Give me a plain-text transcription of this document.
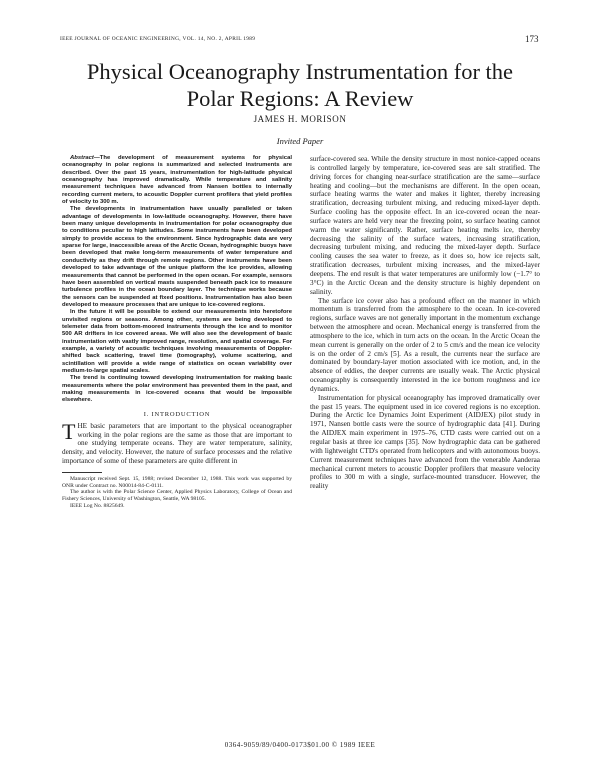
IEEE JOURNAL OF OCEANIC ENGINEERING, VOL. 14, NO. 2, APRIL 1989	173
Physical Oceanography Instrumentation for the
Polar Regions: A Review
JAMES H. MORISON
Invited Paper

Abstract—The development of measurement systems for physical oceanography in polar regions is summarized and selected instruments are described. Over the past 15 years, instrumentation for high-latitude physical oceanography has improved dramatically. While temperature and salinity measurement techniques have advanced from Nansen bottles to internally recording current meters, to acoustic Doppler current profilers that yield profiles of velocity to 300 m.

The developments in instrumentation have usually paralleled or taken advantage of developments in low-latitude oceanography. However, there have been many unique developments in instrumentation for polar oceanography due to conditions peculiar to high latitudes. Some instruments have been developed simply to provide access to the environment. Since hydrographic data are very sparse for large, inaccessible areas of the Arctic Ocean, hydrographic buoys have been developed that make long-term measurements of water temperature and conductivity as they drift through remote regions. Other instruments have been developed to take advantage of the unique platform the ice provides, allowing measurements that cannot be performed in the open ocean. For example, sensors have been assembled on vertical masts suspended beneath pack ice to measure turbulence profiles in the ocean boundary layer. The technique works because the sensors can be suspended at fixed positions. Instrumentation has also been developed to measure processes that are unique to ice-covered regions.

In the future it will be possible to extend our measurements into heretofore unvisited regions or seasons. Among other, systems are being developed to telemeter data from bottom-moored instruments through the ice and to monitor 500 AR drifters in ice covered areas. We will also see the development of basic instrumentation with vastly improved range, resolution, and spatial coverage. For example, a variety of acoustic techniques involving measurements of Doppler-shifted back scattering, travel time (tomography), volume scattering, and scintillation will provide a wide range of statistics on ocean variability over medium-to-large spatial scales.

The trend is continuing toward developing instrumentation for making basic measurements where the polar environment has prevented them in the past, and making measurements in ice-covered oceans that would be impossible elsewhere.

I. INTRODUCTION

THE basic parameters that are important to the physical oceanographer working in the polar regions are the same as those that are important to one studying temperate oceans. They are water temperature, salinity, density, and velocity. However, the nature of surface processes and the relative importance of some of these parameters are quite different in

Manuscript received Sept. 15, 1988; revised December 12, 1988. This work was supported by ONR under Contract no. N00014-84-C-0111.

The author is with the Polar Science Center, Applied Physics Laboratory, College of Ocean and Fishery Sciences, University of Washington, Seattle, WA 98105.

IEEE Log No. 8825649.

surface-covered sea. While the density structure in most nonice-capped oceans is controlled largely by temperature, ice-covered seas are salt stratified. The driving forces for changing near-surface stratification are the same—surface heating and cooling—but the mechanisms are different. In the open ocean, surface heating warms the water and makes it lighter, thereby increasing stratification, decreasing turbulent mixing, and reducing mixed-layer depth. Surface cooling has the opposite effect. In an ice-covered ocean the near-surface waters are held very near the freezing point, so surface heating cannot warm the water significantly. Rather, surface heating melts ice, thereby decreasing the salinity of the surface waters, increasing stratification, decreasing turbulent mixing, and reducing the mixed-layer depth. Surface cooling causes the sea water to freeze, as it does so, how ice rejects salt, stratification decreases, turbulent mixing increases, and the mixed-layer deepens. The end result is that water temperatures are uniformly low (−1.7° to 3°C) in the Arctic Ocean and the density structure is highly dependent on salinity.

The surface ice cover also has a profound effect on the manner in which momentum is transferred from the atmosphere to the ocean. In ice-covered regions, surface waves are not generally important in the momentum exchange between the atmosphere and ocean. Mechanical energy is transferred from the atmosphere to the ice, which in turn acts on the ocean. In the Arctic Ocean the mean current is generally on the order of 2 to 5 cm/s and the mean ice velocity is on the order of 2 cm/s [5]. As a result, the currents near the surface are dominated by boundary-layer motion associated with ice motion, and, in the absence of eddies, the deeper currents are usually weak. The Arctic physical oceanography is consequently interested in the ice bottom roughness and ice dynamics.

Instrumentation for physical oceanography has improved dramatically over the past 15 years. The equipment used in ice covered regions is no exception. During the Arctic Ice Dynamics Joint Experiment (AIDJEX) pilot study in 1971, Nansen bottle casts were the source of hydrographic data [41]. During the AIDJEX main experiment in 1975–76, CTD casts were carried out on a regular basis at three ice camps [35]. Now hydrographic data can be gathered with lightweight CTD's operated from helicopters and with autonomous buoys. Current measurement techniques have advanced from the venerable Aanderaa mechanical current meters to acoustic Doppler profilers that measure velocity profiles to 300 m with a single, surface-mounted transducer. However, the reality

0364-9059/89/0400-0173$01.00 © 1989 IEEE
